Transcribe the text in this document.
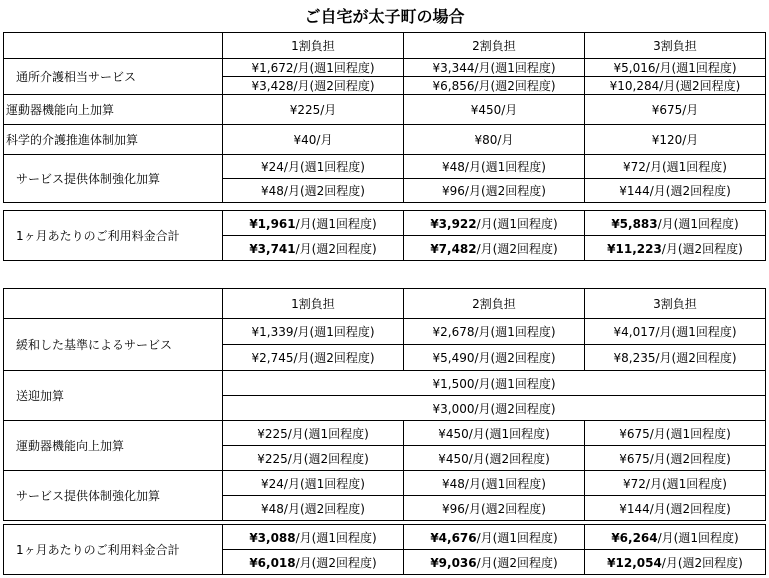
ご自宅が太子町の場合
	1割負担	2割負担	3割負担
通所介護相当サービス	¥1,672/月(週1回程度)	¥3,344/月(週1回程度)	¥5,016/月(週1回程度)
	¥3,428/月(週2回程度)	¥6,856/月(週2回程度)	¥10,284/月(週2回程度)
運動器機能向上加算	¥225/月	¥450/月	¥675/月
科学的介護推進体制加算	¥40/月	¥80/月	¥120/月
サービス提供体制強化加算	¥24/月(週1回程度)	¥48/月(週1回程度)	¥72/月(週1回程度)
	¥48/月(週2回程度)	¥96/月(週2回程度)	¥144/月(週2回程度)
1ヶ月あたりのご利用料金合計	¥1,961/月(週1回程度)	¥3,922/月(週1回程度)	¥5,883/月(週1回程度)
	¥3,741/月(週2回程度)	¥7,482/月(週2回程度)	¥11,223/月(週2回程度)
	1割負担	2割負担	3割負担
緩和した基準によるサービス	¥1,339/月(週1回程度)	¥2,678/月(週1回程度)	¥4,017/月(週1回程度)
	¥2,745/月(週2回程度)	¥5,490/月(週2回程度)	¥8,235/月(週2回程度)
送迎加算	¥1,500/月(週1回程度)		
	¥3,000/月(週2回程度)		
運動器機能向上加算	¥225/月(週1回程度)	¥450/月(週1回程度)	¥675/月(週1回程度)
	¥225/月(週2回程度)	¥450/月(週2回程度)	¥675/月(週2回程度)
サービス提供体制強化加算	¥24/月(週1回程度)	¥48/月(週1回程度)	¥72/月(週1回程度)
	¥48/月(週2回程度)	¥96/月(週2回程度)	¥144/月(週2回程度)
1ヶ月あたりのご利用料金合計	¥3,088/月(週1回程度)	¥4,676/月(週1回程度)	¥6,264/月(週1回程度)
	¥6,018/月(週2回程度)	¥9,036/月(週2回程度)	¥12,054/月(週2回程度)
